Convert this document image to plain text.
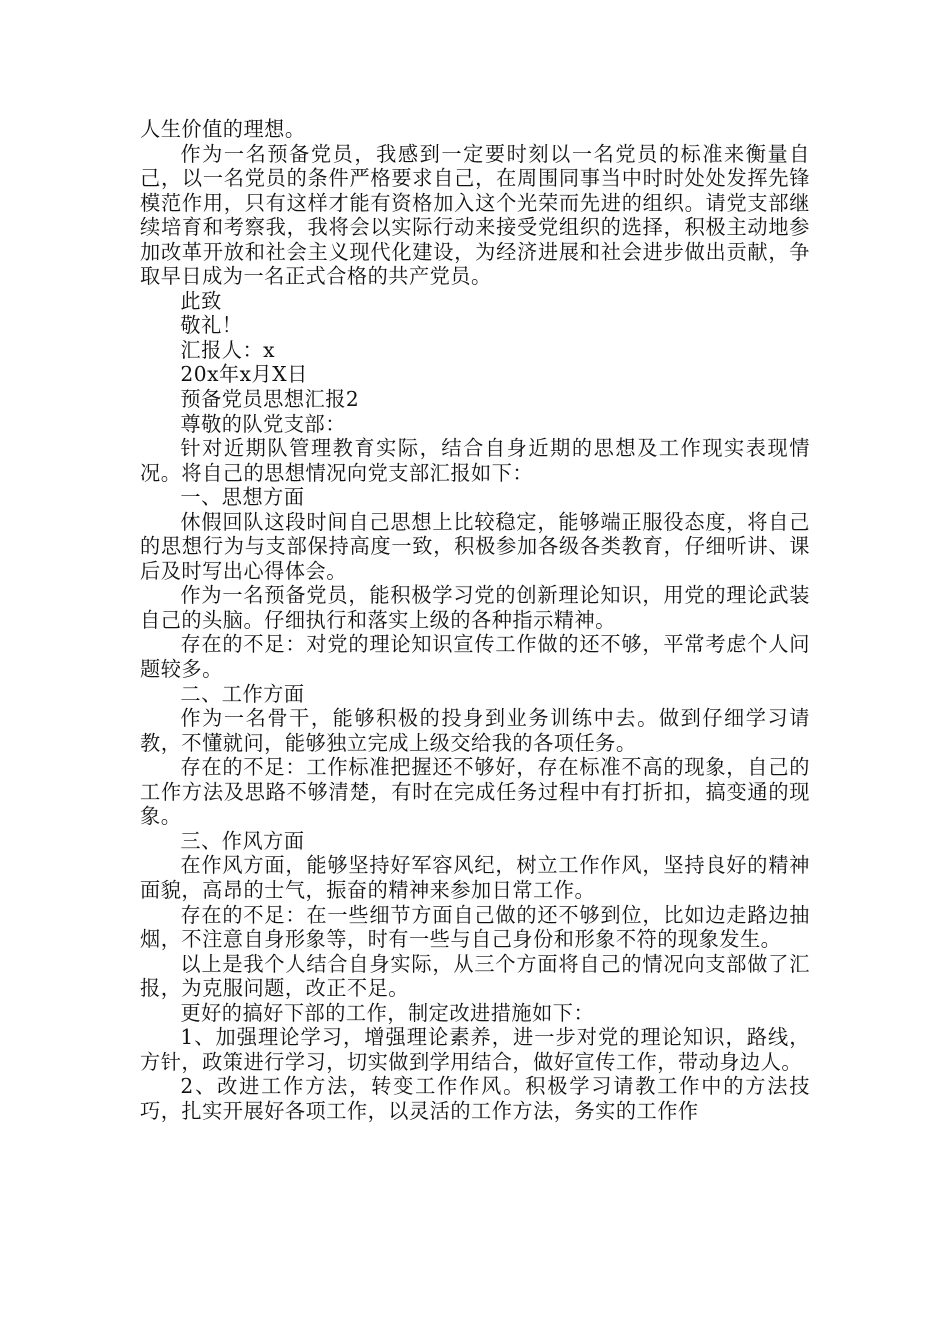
人生价值的理想。

作为一名预备党员，我感到一定要时刻以一名党员的标准来衡量自己，以一名党员的条件严格要求自己，在周围同事当中时时处处发挥先锋模范作用，只有这样才能有资格加入这个光荣而先进的组织。请党支部继续培育和考察我，我将会以实际行动来接受党组织的选择，积极主动地参加改革开放和社会主义现代化建设，为经济进展和社会进步做出贡献，争取早日成为一名正式合格的共产党员。

此致

敬礼！

汇报人：x

20x年x月X日

预备党员思想汇报2

尊敬的队党支部：

针对近期队管理教育实际，结合自身近期的思想及工作现实表现情况。将自己的思想情况向党支部汇报如下：

一、思想方面

休假回队这段时间自己思想上比较稳定，能够端正服役态度，将自己的思想行为与支部保持高度一致，积极参加各级各类教育，仔细听讲、课后及时写出心得体会。

作为一名预备党员，能积极学习党的创新理论知识，用党的理论武装自己的头脑。仔细执行和落实上级的各种指示精神。

存在的不足：对党的理论知识宣传工作做的还不够，平常考虑个人问题较多。

二、工作方面

作为一名骨干，能够积极的投身到业务训练中去。做到仔细学习请教，不懂就问，能够独立完成上级交给我的各项任务。

存在的不足：工作标准把握还不够好，存在标准不高的现象，自己的工作方法及思路不够清楚，有时在完成任务过程中有打折扣，搞变通的现象。

三、作风方面

在作风方面，能够坚持好军容风纪，树立工作作风，坚持良好的精神面貌，高昂的士气，振奋的精神来参加日常工作。

存在的不足：在一些细节方面自己做的还不够到位，比如边走路边抽烟，不注意自身形象等，时有一些与自己身份和形象不符的现象发生。

以上是我个人结合自身实际，从三个方面将自己的情况向支部做了汇报，为克服问题，改正不足。

更好的搞好下部的工作，制定改进措施如下：

1、加强理论学习，增强理论素养，进一步对党的理论知识，路线，方针，政策进行学习，切实做到学用结合，做好宣传工作，带动身边人。

2、改进工作方法，转变工作作风。积极学习请教工作中的方法技巧，扎实开展好各项工作，以灵活的工作方法，务实的工作作
